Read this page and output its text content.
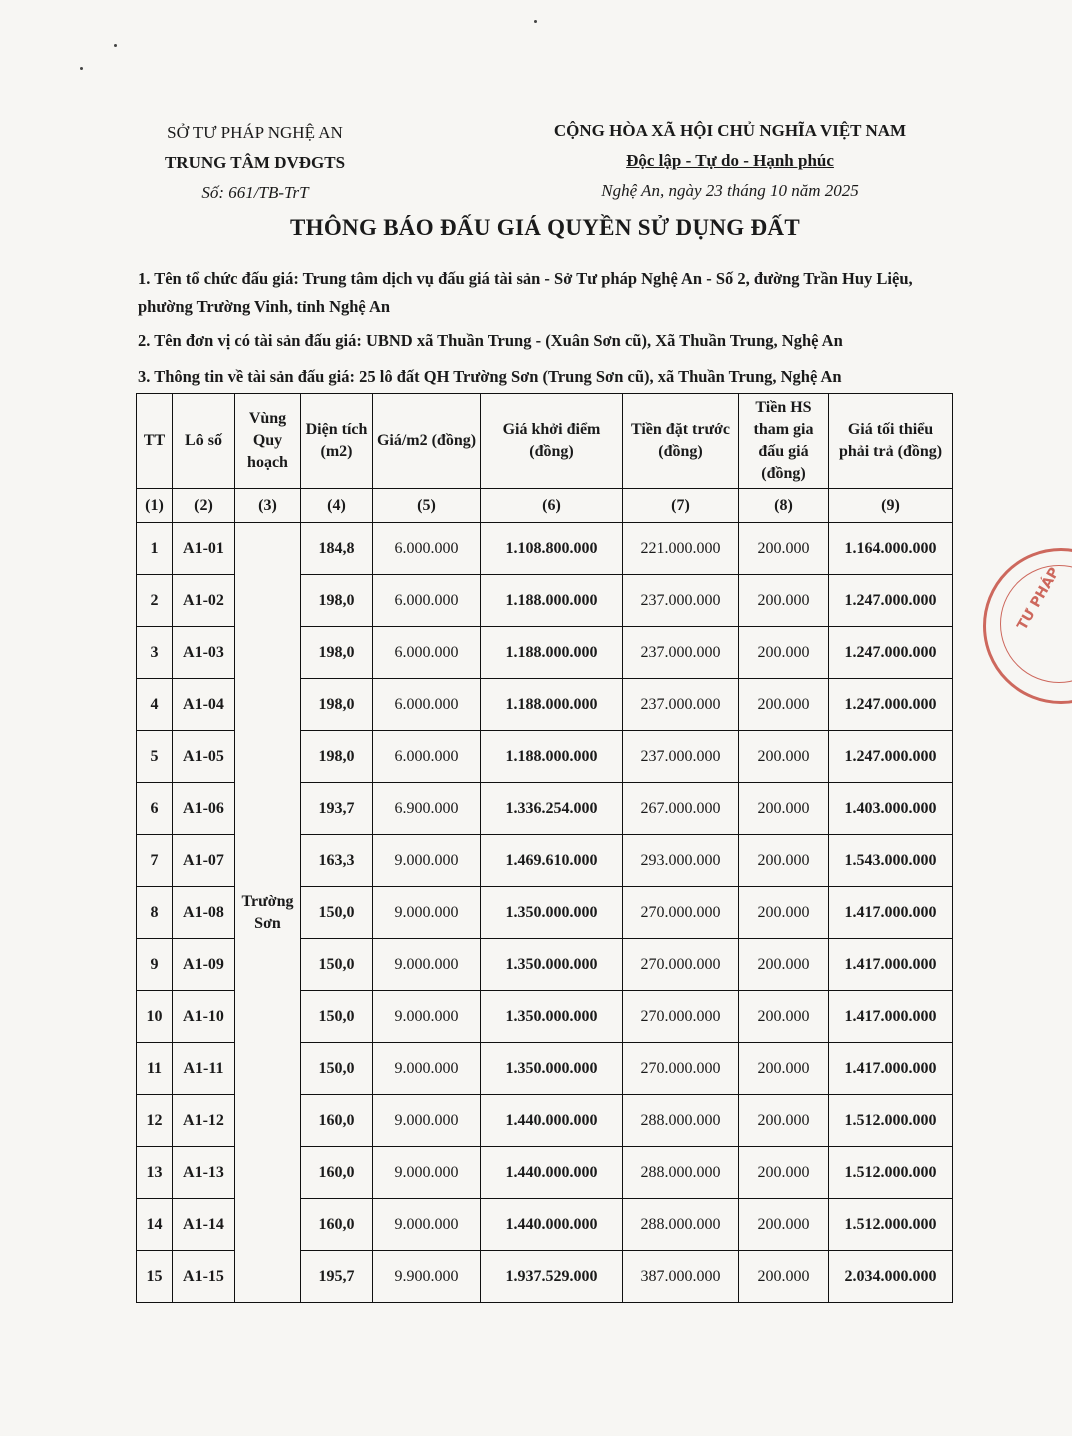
SỞ TƯ PHÁP NGHỆ AN
TRUNG TÂM DVĐGTS
Số: 661/TB-TrT
CỘNG HÒA XÃ HỘI CHỦ NGHĨA VIỆT NAM
Độc lập - Tự do - Hạnh phúc
Nghệ An, ngày 23 tháng 10 năm 2025
THÔNG BÁO ĐẤU GIÁ QUYỀN SỬ DỤNG ĐẤT
1. Tên tổ chức đấu giá: Trung tâm dịch vụ đấu giá tài sản - Sở Tư pháp Nghệ An - Số 2, đường Trần Huy Liệu, phường Trường Vinh, tỉnh Nghệ An
2. Tên đơn vị có tài sản đấu giá: UBND xã Thuần Trung - (Xuân Sơn cũ), Xã Thuần Trung, Nghệ An
3. Thông tin về tài sản đấu giá: 25 lô đất QH Trường Sơn (Trung Sơn cũ), xã Thuần Trung, Nghệ An
TT	Lô số	Vùng Quy hoạch	Diện tích (m2)	Giá/m2 (đồng)	Giá khởi điểm (đồng)	Tiền đặt trước (đồng)	Tiền HS tham gia đấu giá (đồng)	Giá tối thiểu phải trả (đồng)
(1)	(2)	(3)	(4)	(5)	(6)	(7)	(8)	(9)
1	A1-01	Trường Sơn	184,8	6.000.000	1.108.800.000	221.000.000	200.000	1.164.000.000
2	A1-02		198,0	6.000.000	1.188.000.000	237.000.000	200.000	1.247.000.000
3	A1-03		198,0	6.000.000	1.188.000.000	237.000.000	200.000	1.247.000.000
4	A1-04		198,0	6.000.000	1.188.000.000	237.000.000	200.000	1.247.000.000
5	A1-05		198,0	6.000.000	1.188.000.000	237.000.000	200.000	1.247.000.000
6	A1-06		193,7	6.900.000	1.336.254.000	267.000.000	200.000	1.403.000.000
7	A1-07		163,3	9.000.000	1.469.610.000	293.000.000	200.000	1.543.000.000
8	A1-08		150,0	9.000.000	1.350.000.000	270.000.000	200.000	1.417.000.000
9	A1-09		150,0	9.000.000	1.350.000.000	270.000.000	200.000	1.417.000.000
10	A1-10		150,0	9.000.000	1.350.000.000	270.000.000	200.000	1.417.000.000
11	A1-11		150,0	9.000.000	1.350.000.000	270.000.000	200.000	1.417.000.000
12	A1-12		160,0	9.000.000	1.440.000.000	288.000.000	200.000	1.512.000.000
13	A1-13		160,0	9.000.000	1.440.000.000	288.000.000	200.000	1.512.000.000
14	A1-14		160,0	9.000.000	1.440.000.000	288.000.000	200.000	1.512.000.000
15	A1-15		195,7	9.900.000	1.937.529.000	387.000.000	200.000	2.034.000.000
TƯ PHÁP
